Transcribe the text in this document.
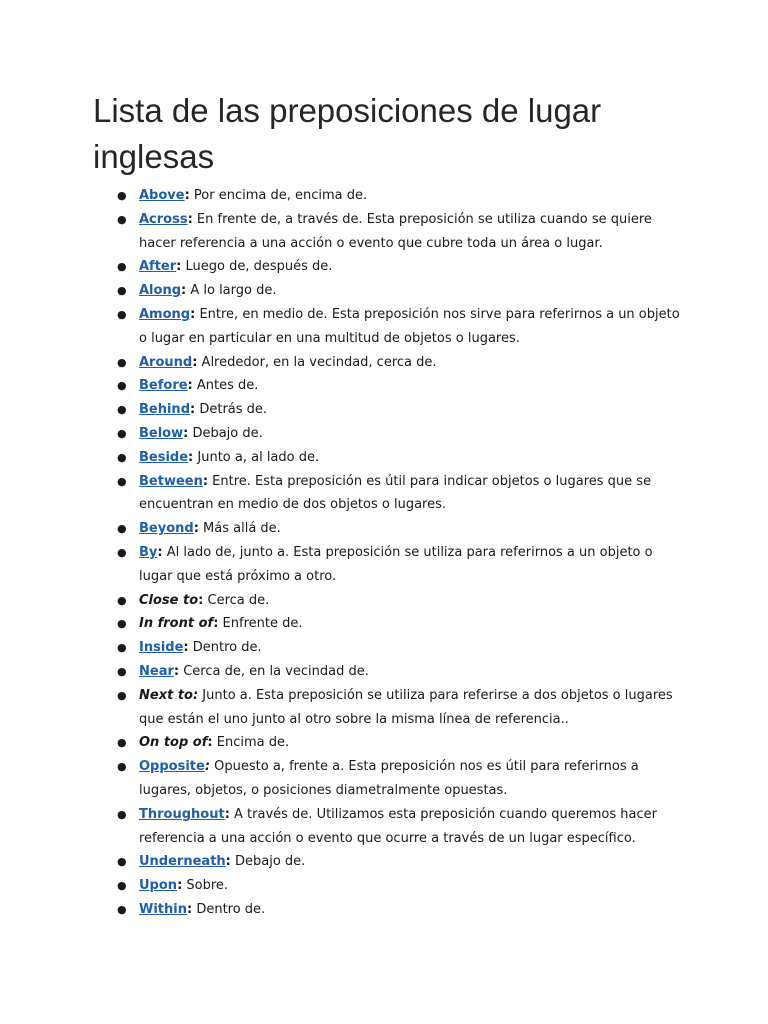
Lista de las preposiciones de lugar inglesas
● Above: Por encima de, encima de.
● Across: En frente de, a través de. Esta preposición se utiliza cuando se quiere hacer referencia a una acción o evento que cubre toda un área o lugar.
● After: Luego de, después de.
● Along: A lo largo de.
● Among: Entre, en medio de. Esta preposición nos sirve para referirnos a un objeto o lugar en particular en una multitud de objetos o lugares.
● Around: Alrededor, en la vecindad, cerca de.
● Before: Antes de.
● Behind: Detrás de.
● Below: Debajo de.
● Beside: Junto a, al lado de.
● Between: Entre. Esta preposición es útil para indicar objetos o lugares que se encuentran en medio de dos objetos o lugares.
● Beyond: Más allá de.
● By: Al lado de, junto a. Esta preposición se utiliza para referirnos a un objeto o lugar que está próximo a otro.
● Close to: Cerca de.
● In front of: Enfrente de.
● Inside: Dentro de.
● Near: Cerca de, en la vecindad de.
● Next to: Junto a. Esta preposición se utiliza para referirse a dos objetos o lugares que están el uno junto al otro sobre la misma línea de referencia..
● On top of: Encima de.
● Opposite: Opuesto a, frente a. Esta preposición nos es útil para referirnos a lugares, objetos, o posiciones diametralmente opuestas.
● Throughout: A través de. Utilizamos esta preposición cuando queremos hacer referencia a una acción o evento que ocurre a través de un lugar específico.
● Underneath: Debajo de.
● Upon: Sobre.
● Within: Dentro de.
